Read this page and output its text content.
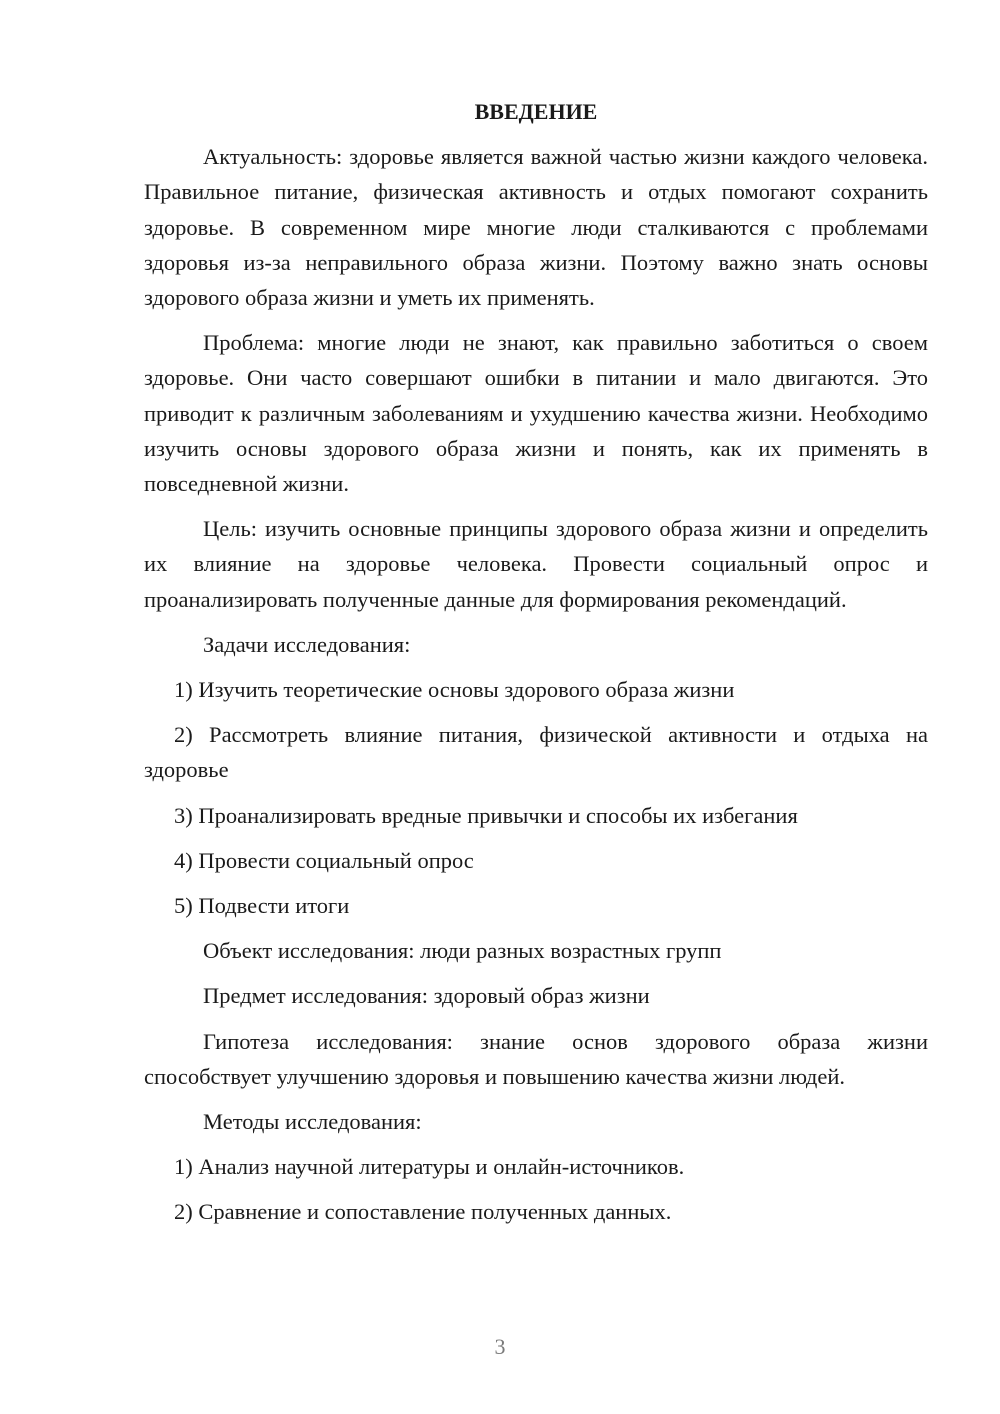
ВВЕДЕНИЕ

Актуальность: здоровье является важной частью жизни каждого человека. Правильное питание, физическая активность и отдых помогают сохранить здоровье. В современном мире многие люди сталкиваются с проблемами здоровья из-за неправильного образа жизни. Поэтому важно знать основы здорового образа жизни и уметь их применять.

Проблема: многие люди не знают, как правильно заботиться о своем здоровье. Они часто совершают ошибки в питании и мало двигаются. Это приводит к различным заболеваниям и ухудшению качества жизни. Необходимо изучить основы здорового образа жизни и понять, как их применять в повседневной жизни.

Цель: изучить основные принципы здорового образа жизни и определить их влияние на здоровье человека. Провести социальный опрос и проанализировать полученные данные для формирования рекомендаций.

Задачи исследования:

1) Изучить теоретические основы здорового образа жизни

2) Рассмотреть влияние питания, физической активности и отдыха на здоровье

3) Проанализировать вредные привычки и способы их избегания

4) Провести социальный опрос

5) Подвести итоги

Объект исследования: люди разных возрастных групп

Предмет исследования: здоровый образ жизни

Гипотеза исследования: знание основ здорового образа жизни способствует улучшению здоровья и повышению качества жизни людей.

Методы исследования:

1) Анализ научной литературы и онлайн-источников.

2) Сравнение и сопоставление полученных данных.

3
